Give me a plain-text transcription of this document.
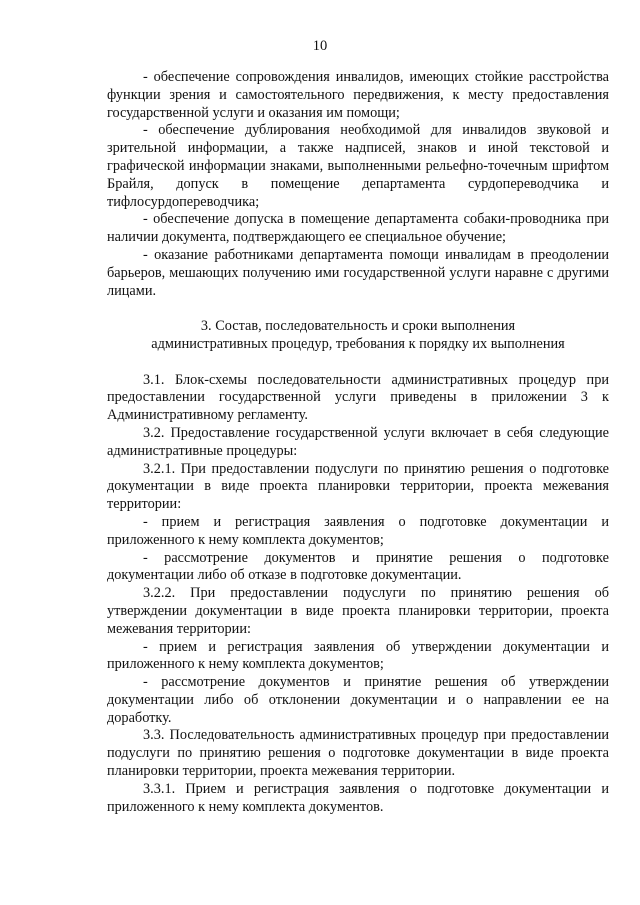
10

- обеспечение сопровождения инвалидов, имеющих стойкие расстройства функции зрения и самостоятельного передвижения, к месту предоставления государственной услуги и оказания им помощи;

- обеспечение дублирования необходимой для инвалидов звуковой и зрительной информации, а также надписей, знаков и иной текстовой и графической информации знаками, выполненными рельефно-точечным шрифтом Брайля, допуск в помещение департамента сурдопереводчика и тифлосурдопереводчика;

- обеспечение допуска в помещение департамента собаки-проводника при наличии документа, подтверждающего ее специальное обучение;

- оказание работниками департамента помощи инвалидам в преодолении барьеров, мешающих получению ими государственной услуги наравне с другими лицами.

3. Состав, последовательность и сроки выполнения
административных процедур, требования к порядку их выполнения

3.1. Блок-схемы последовательности административных процедур при предоставлении государственной услуги приведены в приложении 3 к Административному регламенту.

3.2. Предоставление государственной услуги включает в себя следующие административные процедуры:

3.2.1. При предоставлении подуслуги по принятию решения о подготовке документации в виде проекта планировки территории, проекта межевания территории:

- прием и регистрация заявления о подготовке документации и приложенного к нему комплекта документов;

- рассмотрение документов и принятие решения о подготовке документации либо об отказе в подготовке документации.

3.2.2. При предоставлении подуслуги по принятию решения об утверждении документации в виде проекта планировки территории, проекта межевания территории:

- прием и регистрация заявления об утверждении документации и приложенного к нему комплекта документов;

- рассмотрение документов и принятие решения об утверждении документации либо об отклонении документации и о направлении ее на доработку.

3.3. Последовательность административных процедур при предоставлении подуслуги по принятию решения о подготовке документации в виде проекта планировки территории, проекта межевания территории.

3.3.1. Прием и регистрация заявления о подготовке документации и приложенного к нему комплекта документов.
